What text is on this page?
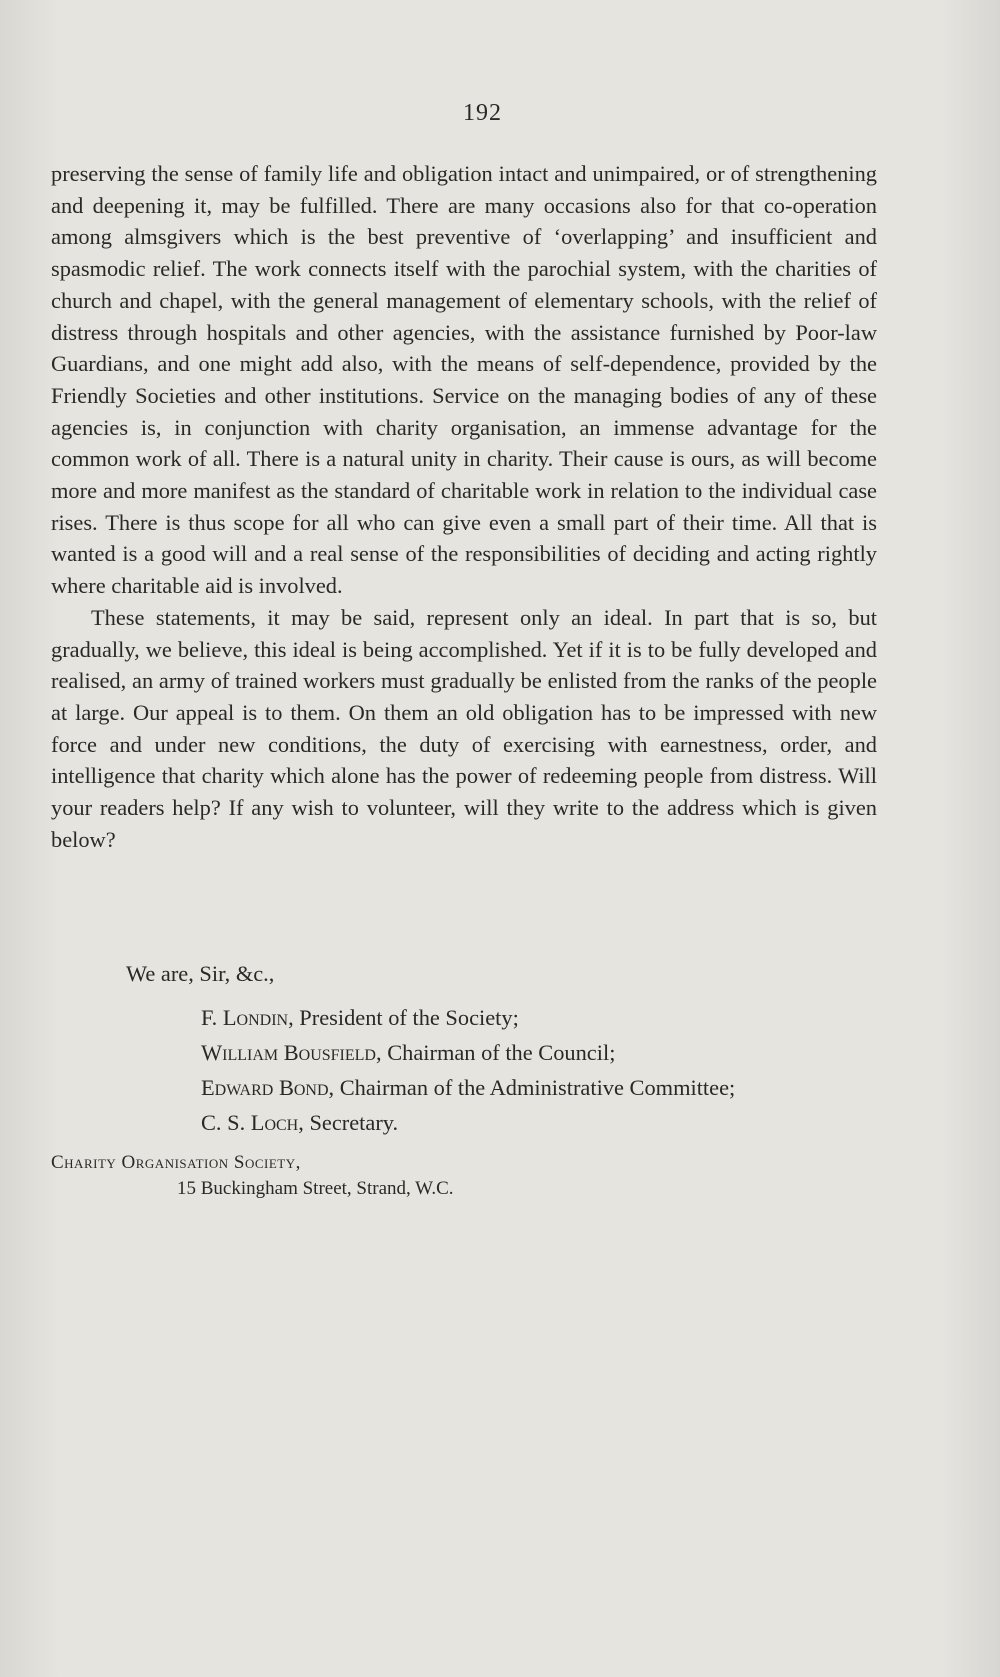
192

preserving the sense of family life and obligation intact and unimpaired, or of strengthening and deepening it, may be fulfilled. There are many occasions also for that co-operation among almsgivers which is the best preventive of ‘overlapping’ and insufficient and spasmodic relief. The work connects itself with the parochial system, with the charities of church and chapel, with the general management of elementary schools, with the relief of distress through hospitals and other agencies, with the assistance furnished by Poor-law Guardians, and one might add also, with the means of self-dependence, provided by the Friendly Societies and other institutions. Service on the managing bodies of any of these agencies is, in conjunction with charity organisation, an immense advantage for the common work of all. There is a natural unity in charity. Their cause is ours, as will become more and more manifest as the standard of charitable work in relation to the individual case rises. There is thus scope for all who can give even a small part of their time. All that is wanted is a good will and a real sense of the responsibilities of deciding and acting rightly where charitable aid is involved.

These statements, it may be said, represent only an ideal. In part that is so, but gradually, we believe, this ideal is being accomplished. Yet if it is to be fully developed and realised, an army of trained workers must gradually be enlisted from the ranks of the people at large. Our appeal is to them. On them an old obligation has to be impressed with new force and under new conditions, the duty of exercising with earnestness, order, and intelligence that charity which alone has the power of redeeming people from distress. Will your readers help? If any wish to volunteer, will they write to the address which is given below?

We are, Sir, &c.,
F. Londin, President of the Society;
William Bousfield, Chairman of the Council;
Edward Bond, Chairman of the Administrative Committee;
C. S. Loch, Secretary.
Charity Organisation Society,
15 Buckingham Street, Strand, W.C.
